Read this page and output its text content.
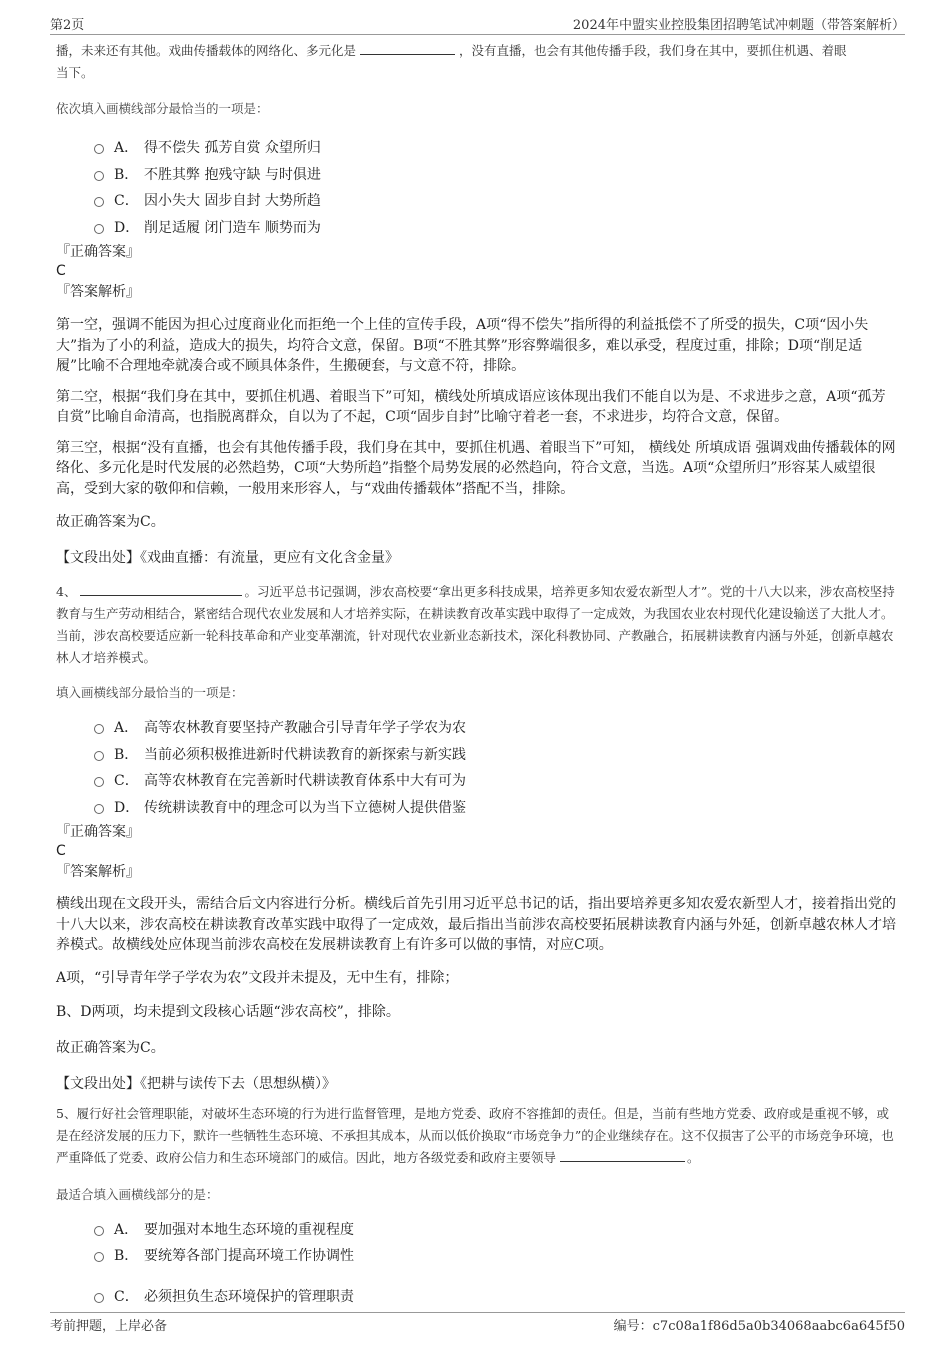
第2页	2024年中盟实业控股集团招聘笔试冲刺题（带答案解析）

播，未来还有其他。戏曲传播载体的网络化、多元化是	，没有直播，也会有其他传播手段，我们身在其中，要抓住机遇、着眼
当下。

依次填入画横线部分最恰当的一项是：

A． 得不偿失 孤芳自赏 众望所归
B． 不胜其弊 抱残守缺 与时俱进
C． 因小失大 固步自封 大势所趋
D． 削足适履 闭门造车 顺势而为

『正确答案』

C

『答案解析』

第一空，强调不能因为担心过度商业化而拒绝一个上佳的宣传手段，A项“得不偿失”指所得的利益抵偿不了所受的损失，C项“因小失大”指为了小的利益，造成大的损失，均符合文意，保留。B项“不胜其弊”形容弊端很多，难以承受，程度过重，排除；D项“削足适履”比喻不合理地牵就凑合或不顾具体条件，生搬硬套，与文意不符，排除。

第二空，根据“我们身在其中，要抓住机遇、着眼当下”可知，横线处所填成语应该体现出我们不能自以为是、不求进步之意，A项“孤芳自赏”比喻自命清高，也指脱离群众，自以为了不起，C项“固步自封”比喻守着老一套，不求进步，均符合文意，保留。

第三空，根据“没有直播，也会有其他传播手段，我们身在其中，要抓住机遇、着眼当下”可知， 横线处 所填成语 强调戏曲传播载体的网络化、多元化是时代发展的必然趋势，C项“大势所趋”指整个局势发展的必然趋向，符合文意，当选。A项“众望所归”形容某人威望很高，受到大家的敬仰和信赖，一般用来形容人，与“戏曲传播载体”搭配不当，排除。

故正确答案为C。

【文段出处】《戏曲直播：有流量，更应有文化含金量》

4、	。习近平总书记强调，涉农高校要“拿出更多科技成果，培养更多知农爱农新型人才”。党的十八大以来，涉农高校坚持教育与生产劳动相结合，紧密结合现代农业发展和人才培养实际，在耕读教育改革实践中取得了一定成效，为我国农业农村现代化建设输送了大批人才。当前，涉农高校要适应新一轮科技革命和产业变革潮流，针对现代农业新业态新技术，深化科教协同、产教融合，拓展耕读教育内涵与外延，创新卓越农林人才培养模式。

填入画横线部分最恰当的一项是：

A． 高等农林教育要坚持产教融合引导青年学子学农为农
B． 当前必须积极推进新时代耕读教育的新探索与新实践
C． 高等农林教育在完善新时代耕读教育体系中大有可为
D． 传统耕读教育中的理念可以为当下立德树人提供借鉴

『正确答案』

C

『答案解析』

横线出现在文段开头，需结合后文内容进行分析。横线后首先引用习近平总书记的话，指出要培养更多知农爱农新型人才，接着指出党的十八大以来，涉农高校在耕读教育改革实践中取得了一定成效，最后指出当前涉农高校要拓展耕读教育内涵与外延，创新卓越农林人才培养模式。故横线处应体现当前涉农高校在发展耕读教育上有许多可以做的事情，对应C项。

A项，“引导青年学子学农为农”文段并未提及，无中生有，排除；

B、D两项，均未提到文段核心话题“涉农高校”，排除。

故正确答案为C。

【文段出处】《把耕与读传下去（思想纵横）》

5、履行好社会管理职能，对破坏生态环境的行为进行监督管理，是地方党委、政府不容推卸的责任。但是，当前有些地方党委、政府或是重视不够，或是在经济发展的压力下，默许一些牺牲生态环境、不承担其成本，从而以低价换取“市场竞争力”的企业继续存在。这不仅损害了公平的市场竞争环境，也严重降低了党委、政府公信力和生态环境部门的威信。因此，地方各级党委和政府主要领导	。

最适合填入画横线部分的是：

A． 要加强对本地生态环境的重视程度
B． 要统筹各部门提高环境工作协调性
C． 必须担负生态环境保护的管理职责
考前押题，上岸必备	编号：c7c08a1f86d5a0b34068aabc6a645f50
